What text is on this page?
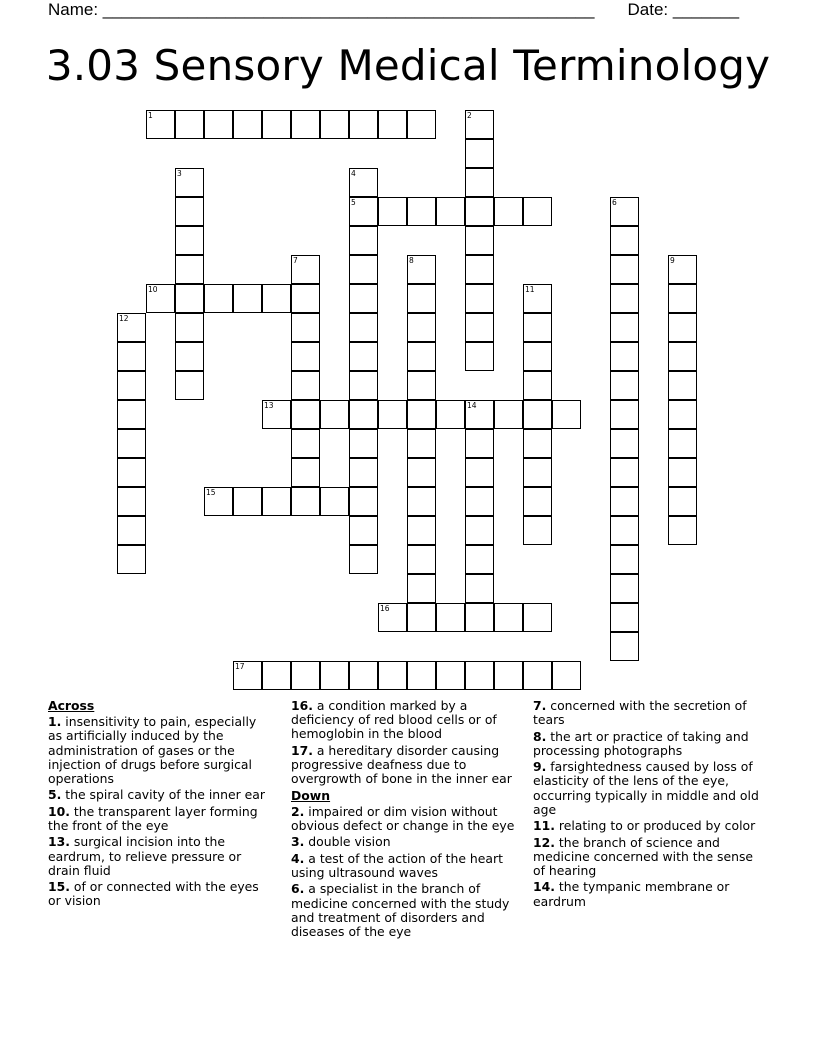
Name: ____________________________________________________ Date: _______
3.03 Sensory Medical Terminology
1	2
3	4
5	6
7	8	9
10	11
12
13	14
15
16
17
Across
1. insensitivity to pain, especially as artificially induced by the administration of gases or the injection of drugs before surgical operations
5. the spiral cavity of the inner ear
10. the transparent layer forming the front of the eye
13. surgical incision into the eardrum, to relieve pressure or drain fluid
15. of or connected with the eyes or vision
16. a condition marked by a deficiency of red blood cells or of hemoglobin in the blood
17. a hereditary disorder causing progressive deafness due to overgrowth of bone in the inner ear
Down
2. impaired or dim vision without obvious defect or change in the eye
3. double vision
4. a test of the action of the heart using ultrasound waves
6. a specialist in the branch of medicine concerned with the study and treatment of disorders and diseases of the eye
7. concerned with the secretion of tears
8. the art or practice of taking and processing photographs
9. farsightedness caused by loss of elasticity of the lens of the eye, occurring typically in middle and old age
11. relating to or produced by color
12. the branch of science and medicine concerned with the sense of hearing
14. the tympanic membrane or eardrum
